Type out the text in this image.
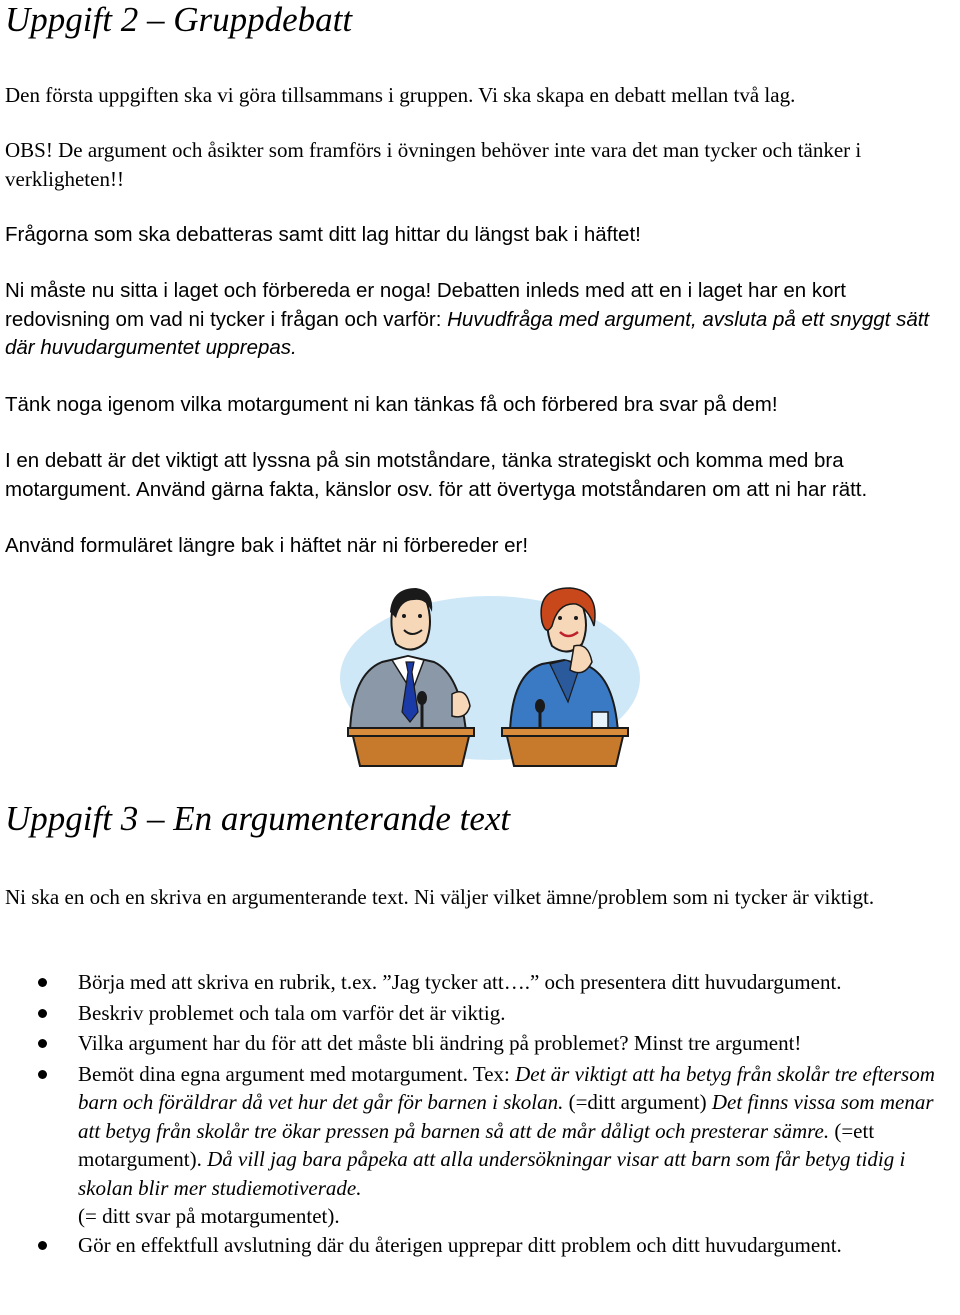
Uppgift 2 – Gruppdebatt

Den första uppgiften ska vi göra tillsammans i gruppen. Vi ska skapa en debatt mellan två lag.

OBS! De argument och åsikter som framförs i övningen behöver inte vara det man tycker och tänker i verkligheten!!

Frågorna som ska debatteras samt ditt lag hittar du längst bak i häftet!

Ni måste nu sitta i laget och förbereda er noga! Debatten inleds med att en i laget har en kort redovisning om vad ni tycker i frågan och varför: Huvudfråga med argument, avsluta på ett snyggt sätt där huvudargumentet upprepas.

Tänk noga igenom vilka motargument ni kan tänkas få och förbered bra svar på dem!

I en debatt är det viktigt att lyssna på sin motståndare, tänka strategiskt och komma med bra motargument. Använd gärna fakta, känslor osv. för att övertyga motståndaren om att ni har rätt.

Använd formuläret längre bak i häftet när ni förbereder er!

Uppgift 3 – En argumenterande text

Ni ska en och en skriva en argumenterande text. Ni väljer vilket ämne/problem som ni tycker är viktigt.

Börja med att skriva en rubrik, t.ex. ”Jag tycker att….” och presentera ditt huvudargument.
Beskriv problemet och tala om varför det är viktig.
Vilka argument har du för att det måste bli ändring på problemet? Minst tre argument!
Bemöt dina egna argument med motargument. Tex: Det är viktigt att ha betyg från skolår tre eftersom barn och föräldrar då vet hur det går för barnen i skolan. (=ditt argument) Det finns vissa som menar att betyg från skolår tre ökar pressen på barnen så att de mår dåligt och presterar sämre. (=ett motargument). Då vill jag bara påpeka att alla undersökningar visar att barn som får betyg tidig i skolan blir mer studiemotiverade.
(= ditt svar på motargumentet).
Gör en effektfull avslutning där du återigen upprepar ditt problem och ditt huvudargument.
